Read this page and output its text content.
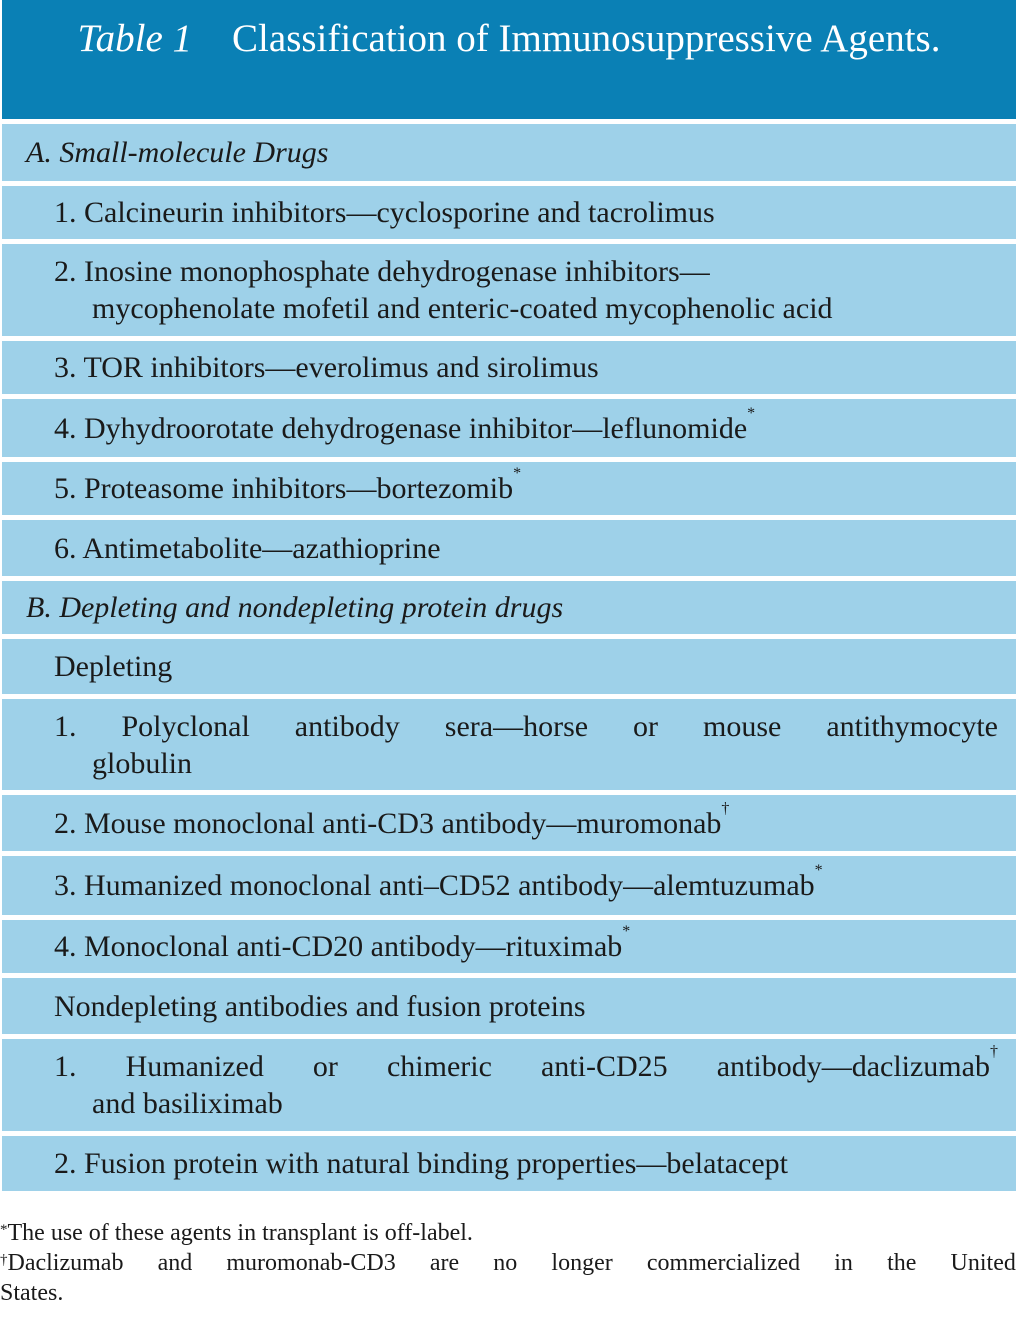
Table 1 Classification of Immunosuppressive Agents.
A. Small-molecule Drugs
1. Calcineurin inhibitors—cyclosporine and tacrolimus
2. Inosine monophosphate dehydrogenase inhibitors—
mycophenolate mofetil and enteric-coated mycophenolic acid
3. TOR inhibitors—everolimus and sirolimus
4. Dyhydroorotate dehydrogenase inhibitor—leflunomide*
5. Proteasome inhibitors—bortezomib*
6. Antimetabolite—azathioprine
B. Depleting and nondepleting protein drugs
Depleting
1. Polyclonal antibody sera—horse or mouse antithymocyte
globulin
2. Mouse monoclonal anti-CD3 antibody—muromonab†
3. Humanized monoclonal anti–CD52 antibody—alemtuzumab*
4. Monoclonal anti-CD20 antibody—rituximab*
Nondepleting antibodies and fusion proteins
1. Humanized or chimeric anti-CD25 antibody—daclizumab†
and basiliximab
2. Fusion protein with natural binding properties—belatacept
*The use of these agents in transplant is off-label.
†Daclizumab and muromonab-CD3 are no longer commercialized in the United
States.
